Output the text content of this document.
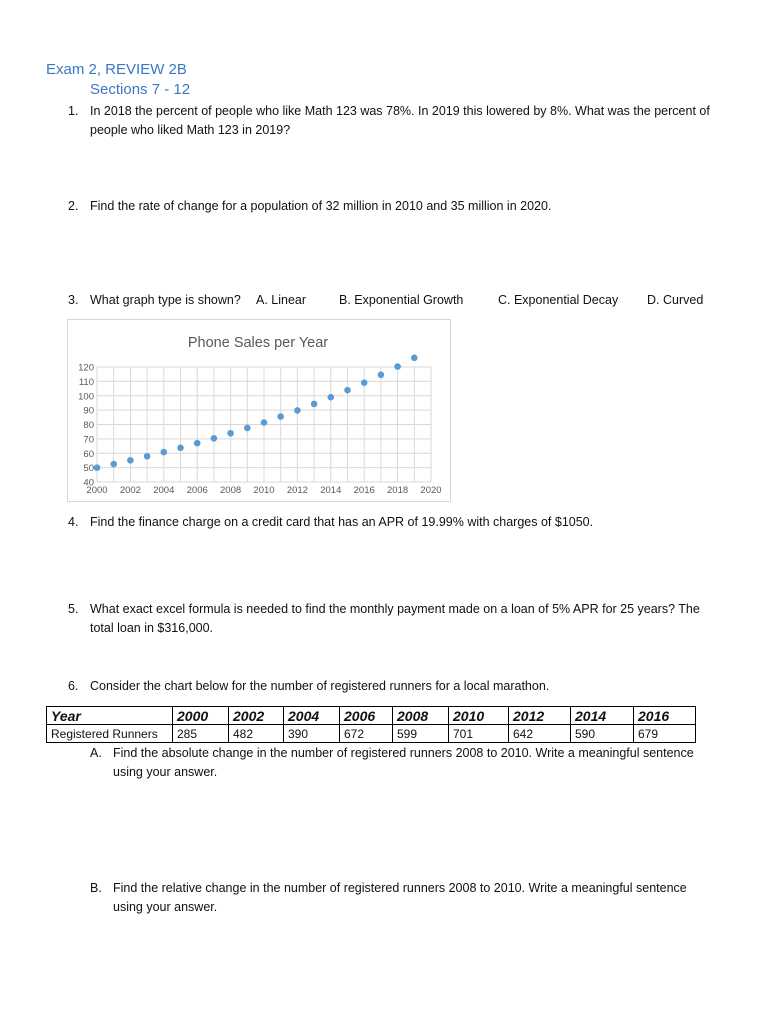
Exam 2, REVIEW 2B
Sections 7 - 12
1. In 2018 the percent of people who like Math 123 was 78%. In 2019 this lowered by 8%. What was the percent of
people who liked Math 123 in 2019?
2. Find the rate of change for a population of 32 million in 2010 and 35 million in 2020.
3. What graph type is shown? A. Linear	B. Exponential Growth	C. Exponential Decay D. Curved
Phone Sales per Year
120
110
100
90
80
70
60
50
40
2000 2002 2004 2006 2008 2010 2012 2014 2016 2018 2020
4. Find the finance charge on a credit card that has an APR of 19.99% with charges of $1050.
5. What exact excel formula is needed to find the monthly payment made on a loan of 5% APR for 25 years? The
total loan in $316,000.
6. Consider the chart below for the number of registered runners for a local marathon.
Year	2000	2002	2004	2006	2008	2010	2012	2014	2016
Registered Runners	285	482	390	672	599	701	642	590	679
A. Find the absolute change in the number of registered runners 2008 to 2010. Write a meaningful sentence
using your answer.
B. Find the relative change in the number of registered runners 2008 to 2010. Write a meaningful sentence
using your answer.
